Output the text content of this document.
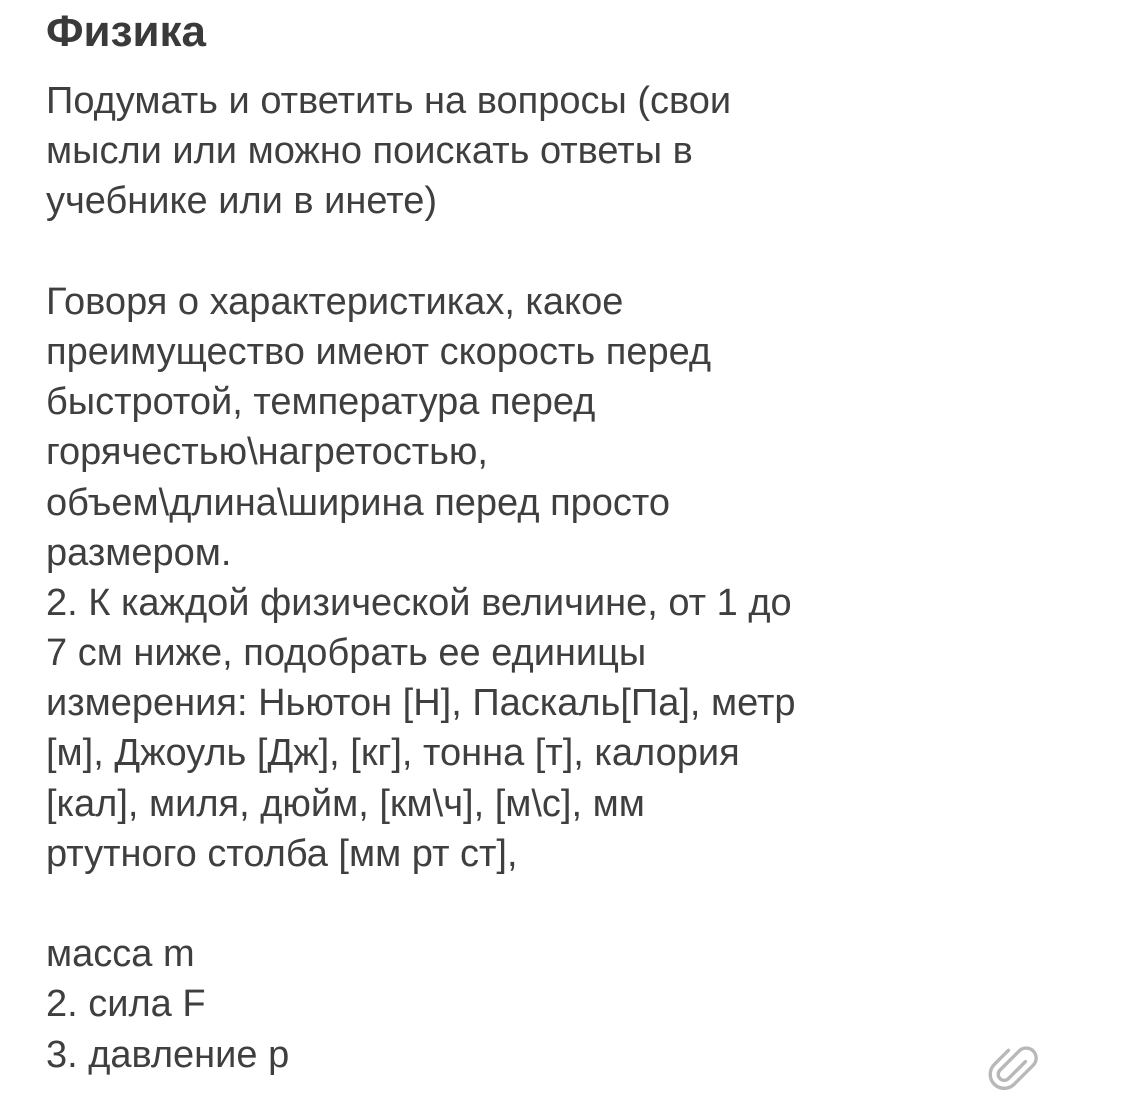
Физика
Подумать и ответить на вопросы (свои
мысли или можно поискать ответы в
учебнике или в инете)
Говоря о характеристиках, какое
преимущество имеют скорость перед
быстротой, температура перед
горячестью\нагретостью,
объем\длина\ширина перед просто
размером.
2. К каждой физической величине, от 1 до
7 см ниже, подобрать ее единицы
измерения: Ньютон [Н], Паскаль[Па], метр
[м], Джоуль [Дж], [кг], тонна [т], калория
[кал], миля, дюйм, [км\ч], [м\с], мм
ртутного столба [мм рт ст],
масса m
2. сила F
3. давление p
